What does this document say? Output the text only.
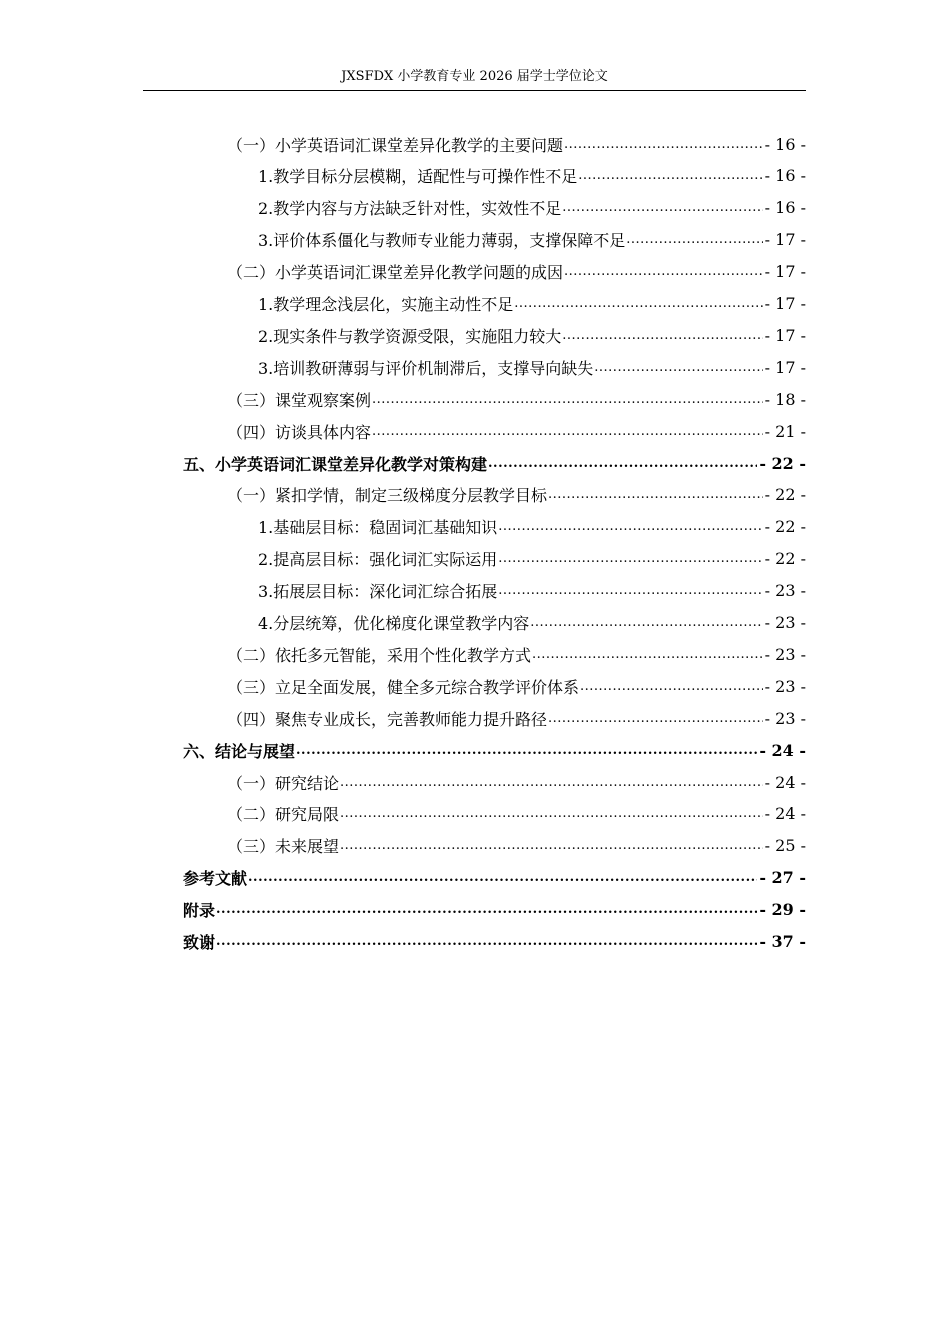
JXSFDX 小学教育专业 2026 届学士学位论文
（一）小学英语词汇课堂差异化教学的主要问题 .....	- 16 -
1.教学目标分层模糊，适配性与可操作性不足 .....	- 16 -
2.教学内容与方法缺乏针对性，实效性不足 .....	- 16 -
3.评价体系僵化与教师专业能力薄弱，支撑保障不足 .....	- 17 -
（二）小学英语词汇课堂差异化教学问题的成因 .....	- 17 -
1.教学理念浅层化，实施主动性不足 .....	- 17 -
2.现实条件与教学资源受限，实施阻力较大 .....	- 17 -
3.培训教研薄弱与评价机制滞后，支撑导向缺失 .....	- 17 -
（三）课堂观察案例 .....	- 18 -
（四）访谈具体内容 .....	- 21 -
五、小学英语词汇课堂差异化教学对策构建 .....	- 22 -
（一）紧扣学情，制定三级梯度分层教学目标 .....	- 22 -
1.基础层目标：稳固词汇基础知识 .....	- 22 -
2.提高层目标：强化词汇实际运用 .....	- 22 -
3.拓展层目标：深化词汇综合拓展 .....	- 23 -
4.分层统筹，优化梯度化课堂教学内容 .....	- 23 -
（二）依托多元智能，采用个性化教学方式 .....	- 23 -
（三）立足全面发展，健全多元综合教学评价体系 .....	- 23 -
（四）聚焦专业成长，完善教师能力提升路径 .....	- 23 -
六、结论与展望 .....	- 24 -
（一）研究结论 .....	- 24 -
（二）研究局限 .....	- 24 -
（三）未来展望 .....	- 25 -
参考文献 .....	- 27 -
附录 .....	- 29 -
致谢 .....	- 37 -
